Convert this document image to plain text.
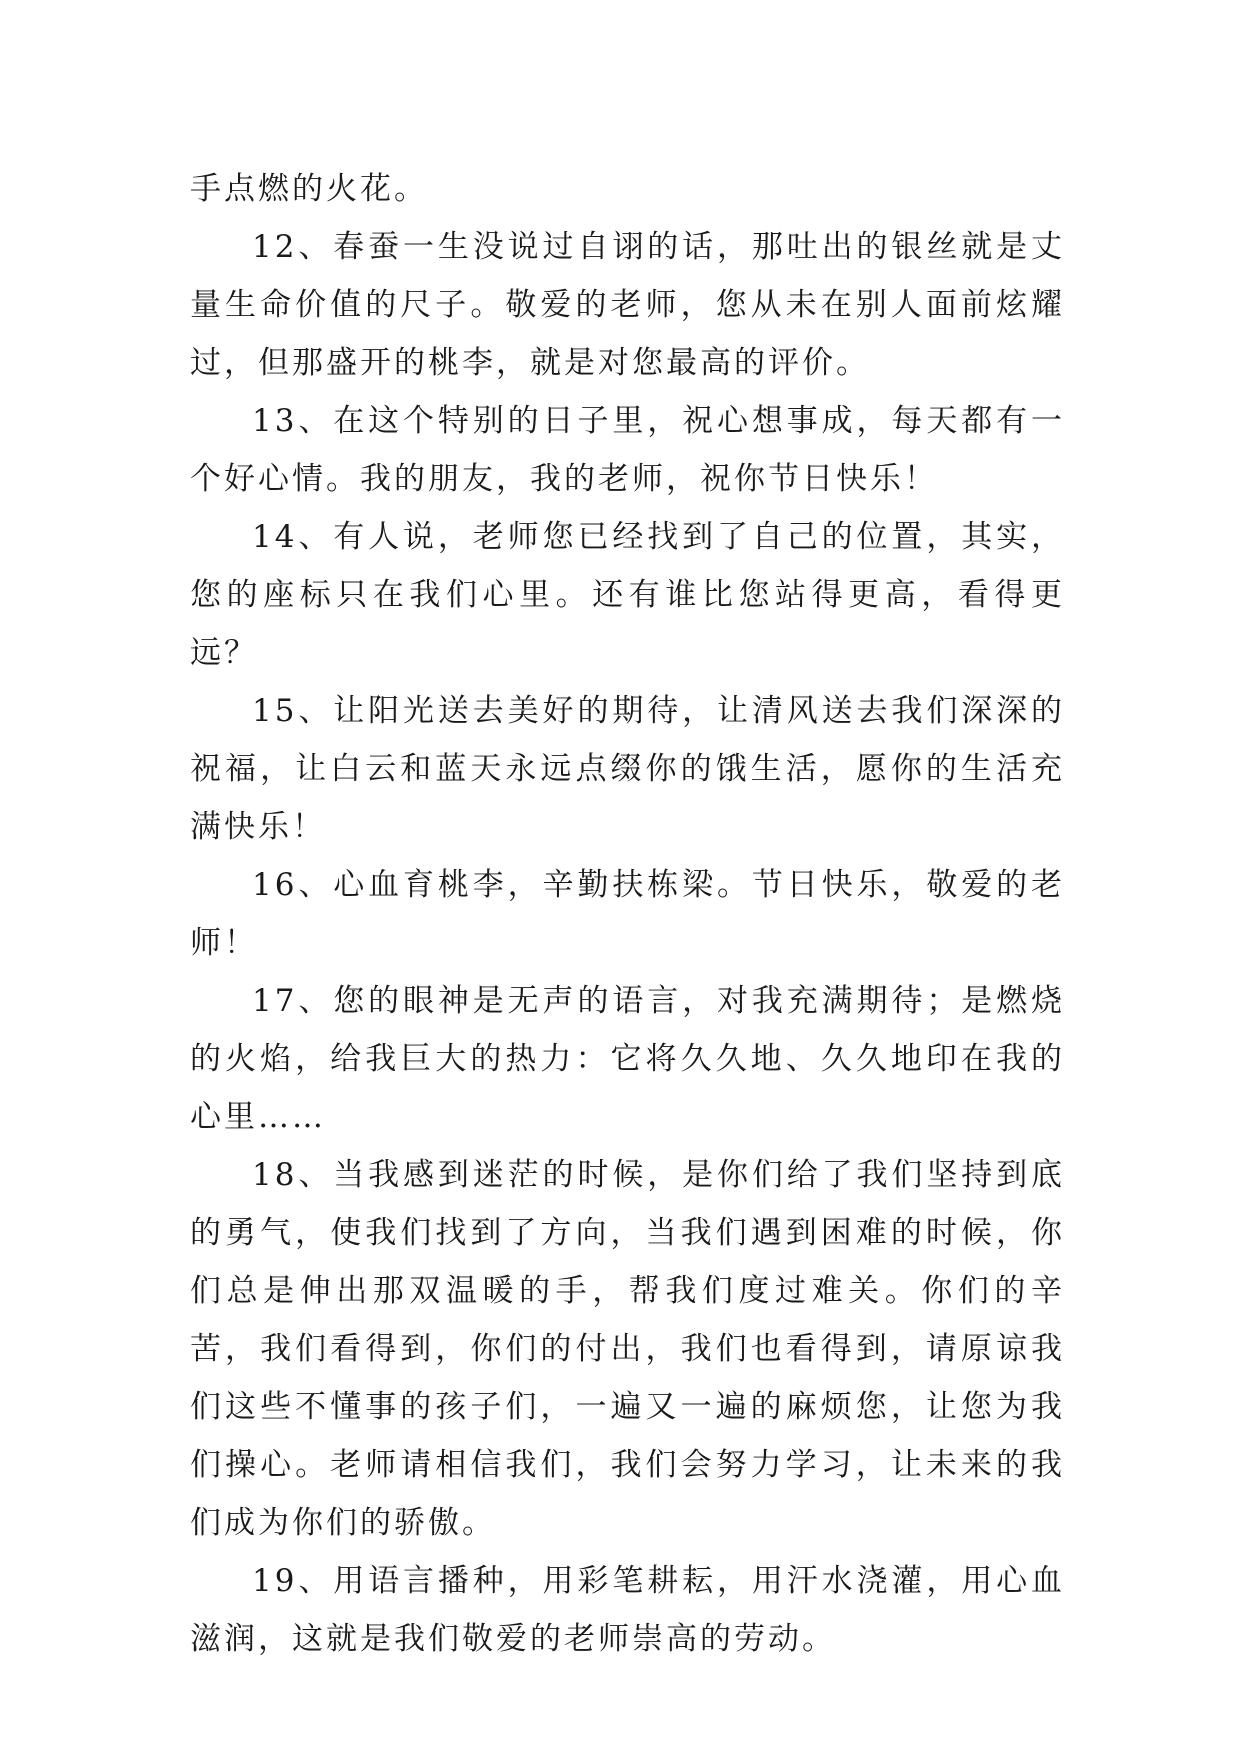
手点燃的火花。

12、春蚕一生没说过自诩的话，那吐出的银丝就是丈量生命价值的尺子。敬爱的老师，您从未在别人面前炫耀过，但那盛开的桃李，就是对您最高的评价。

13、在这个特别的日子里，祝心想事成，每天都有一个好心情。我的朋友，我的老师，祝你节日快乐！

14、有人说，老师您已经找到了自己的位置，其实，您的座标只在我们心里。还有谁比您站得更高，看得更远？

15、让阳光送去美好的期待，让清风送去我们深深的祝福，让白云和蓝天永远点缀你的饿生活，愿你的生活充满快乐！

16、心血育桃李，辛勤扶栋梁。节日快乐，敬爱的老师！

17、您的眼神是无声的语言，对我充满期待；是燃烧的火焰，给我巨大的热力：它将久久地、久久地印在我的心里……

18、当我感到迷茫的时候，是你们给了我们坚持到底的勇气，使我们找到了方向，当我们遇到困难的时候，你们总是伸出那双温暖的手，帮我们度过难关。你们的辛苦，我们看得到，你们的付出，我们也看得到，请原谅我们这些不懂事的孩子们，一遍又一遍的麻烦您，让您为我们操心。老师请相信我们，我们会努力学习，让未来的我们成为你们的骄傲。

19、用语言播种，用彩笔耕耘，用汗水浇灌，用心血滋润，这就是我们敬爱的老师崇高的劳动。
